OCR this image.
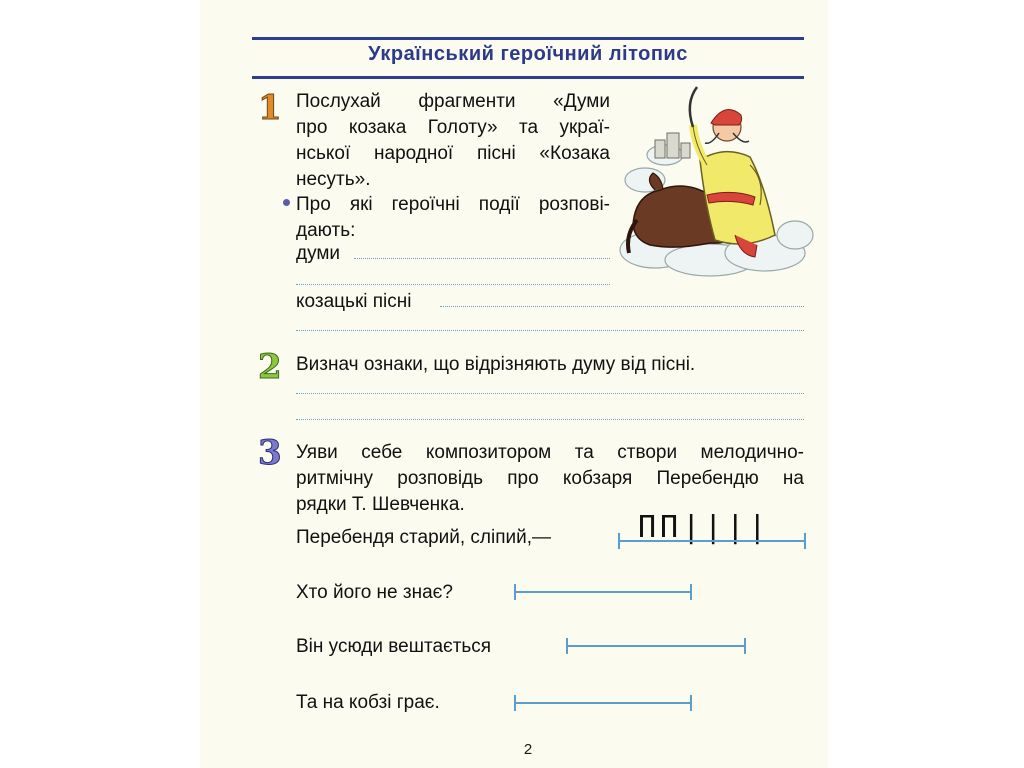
Український героїчний літопис
1 Послухай фрагменти «Думи
про козака Голоту» та украї-
нської народної пісні «Козака
несуть».
Про які героїчні події розпові-
дають:
думи
козацькі пісні
2 Визнач ознаки, що відрізняють думу від пісні.
3 Уяви себе композитором та створи мелодично-
ритмічну розповідь про кобзаря Перебендю на
рядки Т. Шевченка.
Перебендя старий, сліпий,—	ПП||||
Хто його не знає?
Він усюди вештається
Та на кобзі грає.
2
